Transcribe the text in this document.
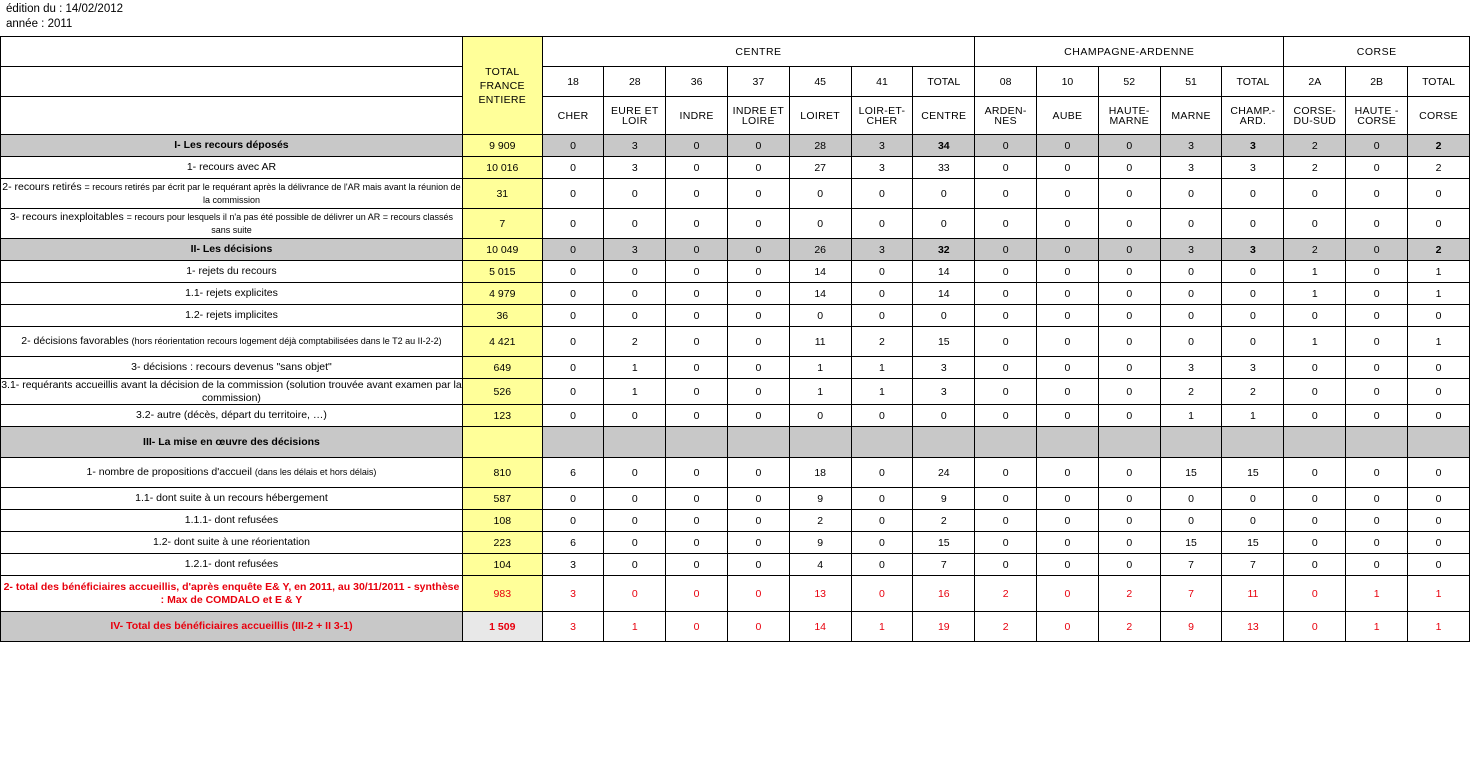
édition du : 14/02/2012
année : 2011
	TOTAL FRANCE ENTIERE	CENTRE							CHAMPAGNE-ARDENNE					CORSE		
		18	28	36	37	45	41	TOTAL	08	10	52	51	TOTAL	2A	2B	TOTAL
		CHER	EURE ET LOIR	INDRE	INDRE ET LOIRE	LOIRET	LOIR-ET-CHER	CENTRE	ARDEN-NES	AUBE	HAUTE-MARNE	MARNE	CHAMP.-ARD.	CORSE-DU-SUD	HAUTE -CORSE	CORSE
I- Les recours déposés	9 909	0	3	0	0	28	3	34	0	0	0	3	3	2	0	2
1- recours avec AR	10 016	0	3	0	0	27	3	33	0	0	0	3	3	2	0	2
2- recours retirés = recours retirés par écrit par le requérant après la délivrance de l'AR mais avant la réunion de la commission	31	0	0	0	0	0	0	0	0	0	0	0	0	0	0	0
3- recours inexploitables = recours pour lesquels il n'a pas été possible de délivrer un AR = recours classés sans suite	7	0	0	0	0	0	0	0	0	0	0	0	0	0	0	0
II- Les décisions	10 049	0	3	0	0	26	3	32	0	0	0	3	3	2	0	2
1- rejets du recours	5 015	0	0	0	0	14	0	14	0	0	0	0	0	1	0	1
1.1- rejets explicites	4 979	0	0	0	0	14	0	14	0	0	0	0	0	1	0	1
1.2- rejets implicites	36	0	0	0	0	0	0	0	0	0	0	0	0	0	0	0
2- décisions favorables (hors réorientation recours logement déjà comptabilisées dans le T2 au II-2-2)	4 421	0	2	0	0	11	2	15	0	0	0	0	0	1	0	1
3- décisions : recours devenus "sans objet"	649	0	1	0	0	1	1	3	0	0	0	3	3	0	0	0
3.1- requérants accueillis avant la décision de la commission (solution trouvée avant examen par la commission)	526	0	1	0	0	1	1	3	0	0	0	2	2	0	0	0
3.2- autre (décès, départ du territoire, …)	123	0	0	0	0	0	0	0	0	0	0	1	1	0	0	0
III- La mise en œuvre des décisions																
1- nombre de propositions d'accueil (dans les délais et hors délais)	810	6	0	0	0	18	0	24	0	0	0	15	15	0	0	0
1.1- dont suite à un recours hébergement	587	0	0	0	0	9	0	9	0	0	0	0	0	0	0	0
1.1.1- dont refusées	108	0	0	0	0	2	0	2	0	0	0	0	0	0	0	0
1.2- dont suite à une réorientation	223	6	0	0	0	9	0	15	0	0	0	15	15	0	0	0
1.2.1- dont refusées	104	3	0	0	0	4	0	7	0	0	0	7	7	0	0	0
2- total des bénéficiaires accueillis, d'après enquête E& Y, en 2011, au 30/11/2011 - synthèse : Max de COMDALO et E & Y	983	3	0	0	0	13	0	16	2	0	2	7	11	0	1	1
IV- Total des bénéficiaires accueillis (III-2 + II 3-1)	1 509	3	1	0	0	14	1	19	2	0	2	9	13	0	1	1
